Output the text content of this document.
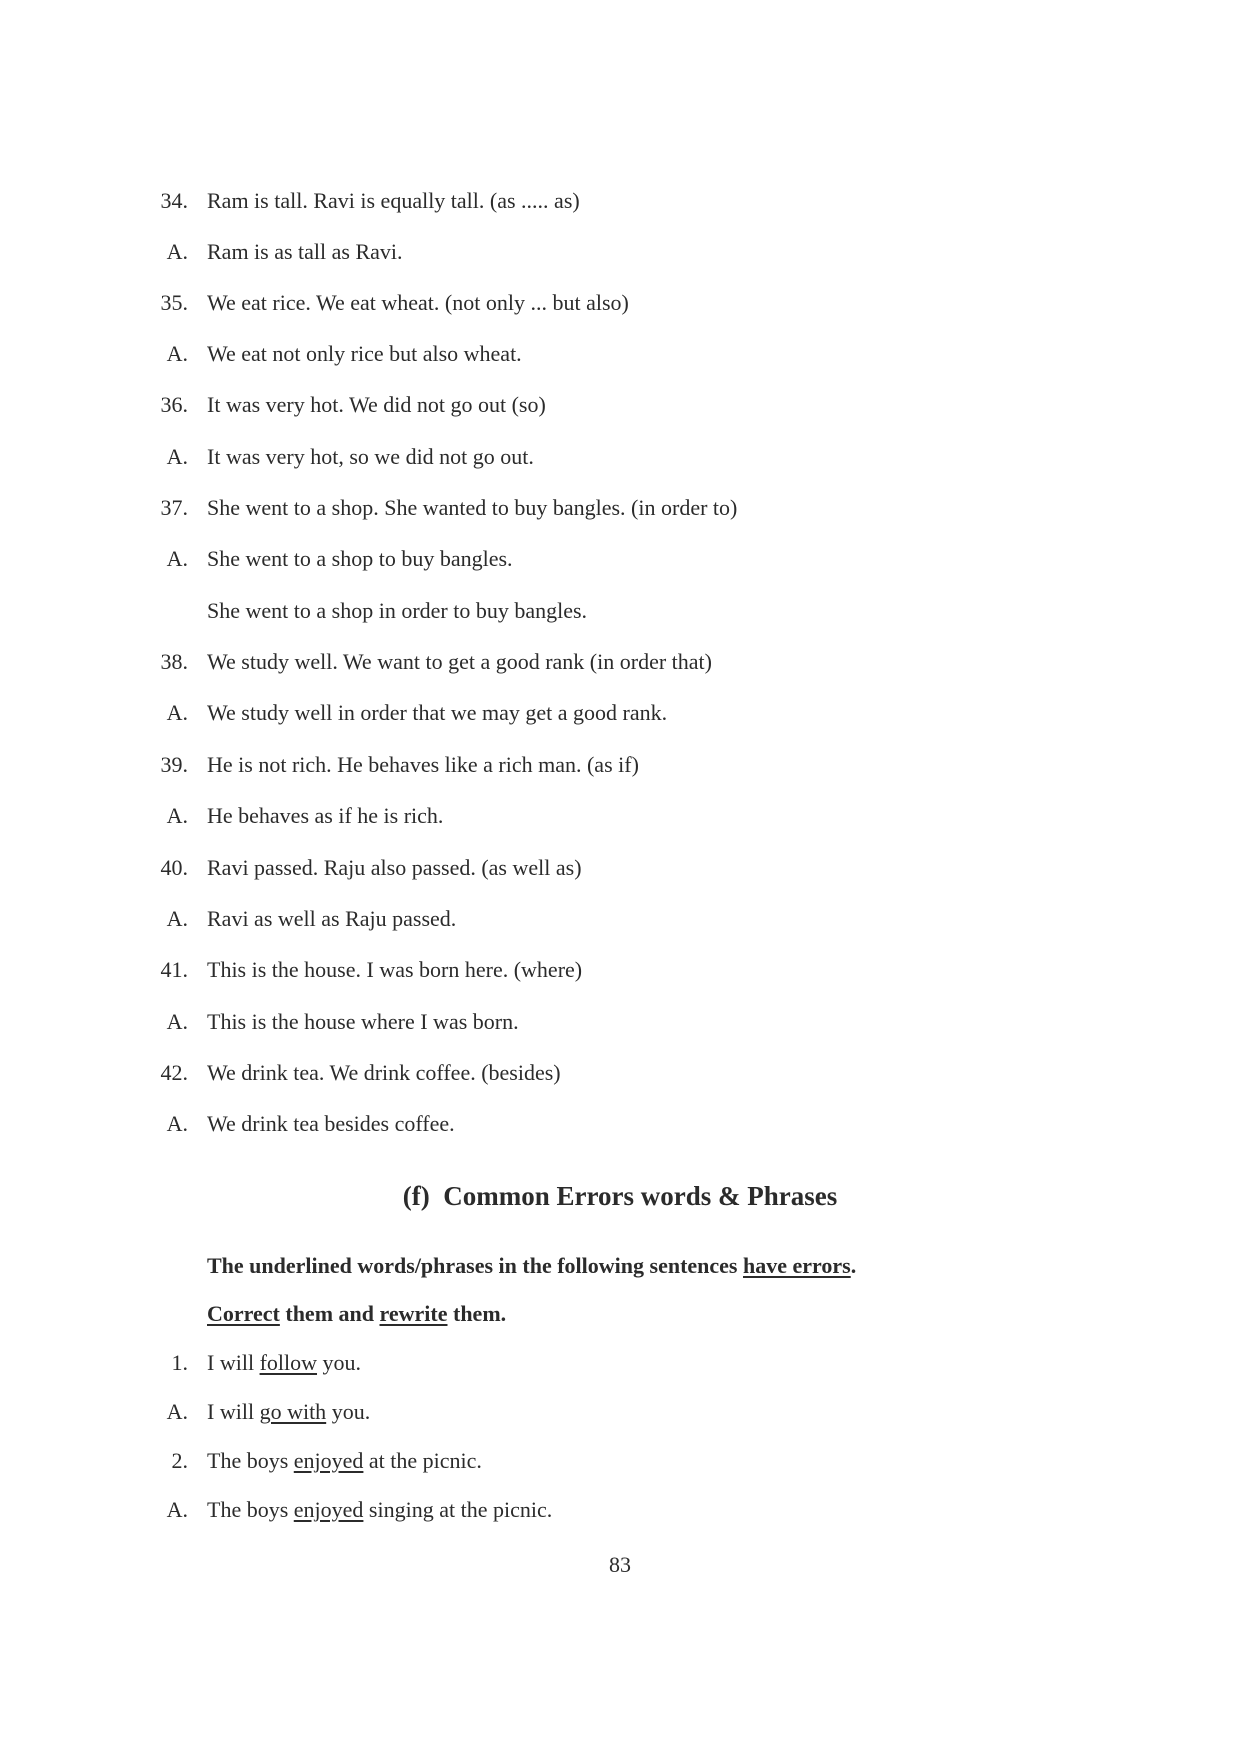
34. Ram is tall. Ravi is equally tall. (as ..... as)
A. Ram is as tall as Ravi.
35. We eat rice. We eat wheat. (not only ... but also)
A. We eat not only rice but also wheat.
36. It was very hot. We did not go out (so)
A. It was very hot, so we did not go out.
37. She went to a shop. She wanted to buy bangles. (in order to)
A. She went to a shop to buy bangles.
She went to a shop in order to buy bangles.
38. We study well. We want to get a good rank (in order that)
A. We study well in order that we may get a good rank.
39. He is not rich. He behaves like a rich man. (as if)
A. He behaves as if he is rich.
40. Ravi passed. Raju also passed. (as well as)
A. Ravi as well as Raju passed.
41. This is the house. I was born here. (where)
A. This is the house where I was born.
42. We drink tea. We drink coffee. (besides)
A. We drink tea besides coffee.
(f)  Common Errors words & Phrases
The underlined words/phrases in the following sentences have errors.
Correct them and rewrite them.
1. I will follow you.
A. I will go with you.
2. The boys enjoyed at the picnic.
A. The boys enjoyed singing at the picnic.
83
